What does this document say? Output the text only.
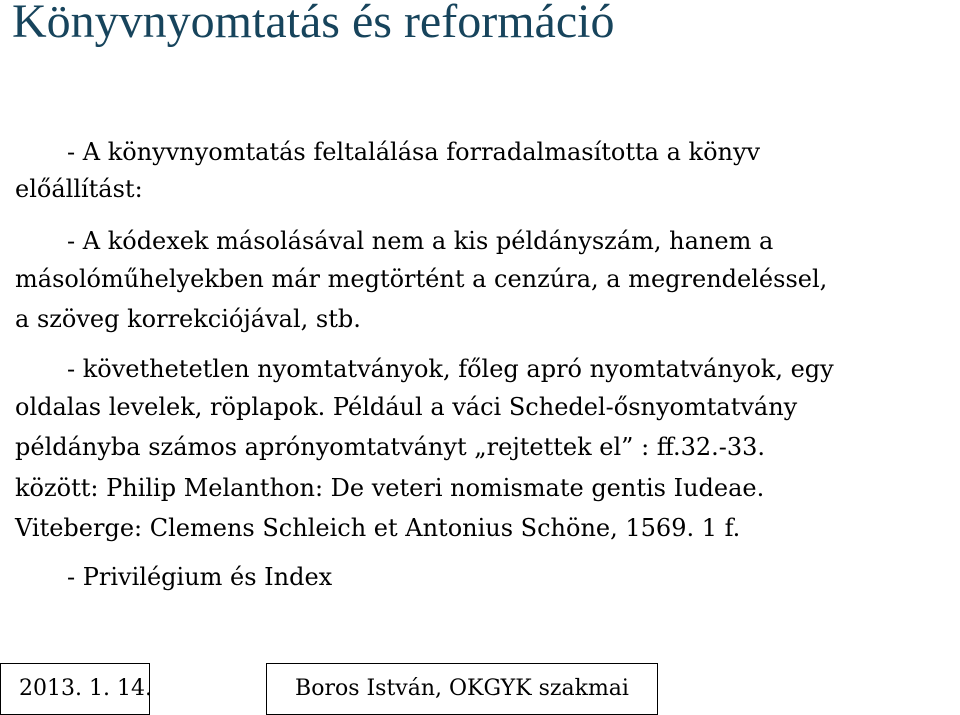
Könyvnyomtatás és reformáció
- A könyvnyomtatás feltalálása forradalmasította a könyv
előállítást:
- A kódexek másolásával nem a kis példányszám, hanem a
másolóműhelyekben már megtörtént a cenzúra, a megrendeléssel,
a szöveg korrekciójával, stb.
- követhetetlen nyomtatványok, főleg apró nyomtatványok, egy
oldalas levelek, röplapok. Például a váci Schedel-ősnyomtatvány
példányba számos aprónyomtatványt „rejtettek el” : ff.32.-33.
között: Philip Melanthon: De veteri nomismate gentis Iudeae.
Viteberge: Clemens Schleich et Antonius Schöne, 1569. 1 f.
- Privilégium és Index
2013. 1. 14.	Boros István, OKGYK szakmai
